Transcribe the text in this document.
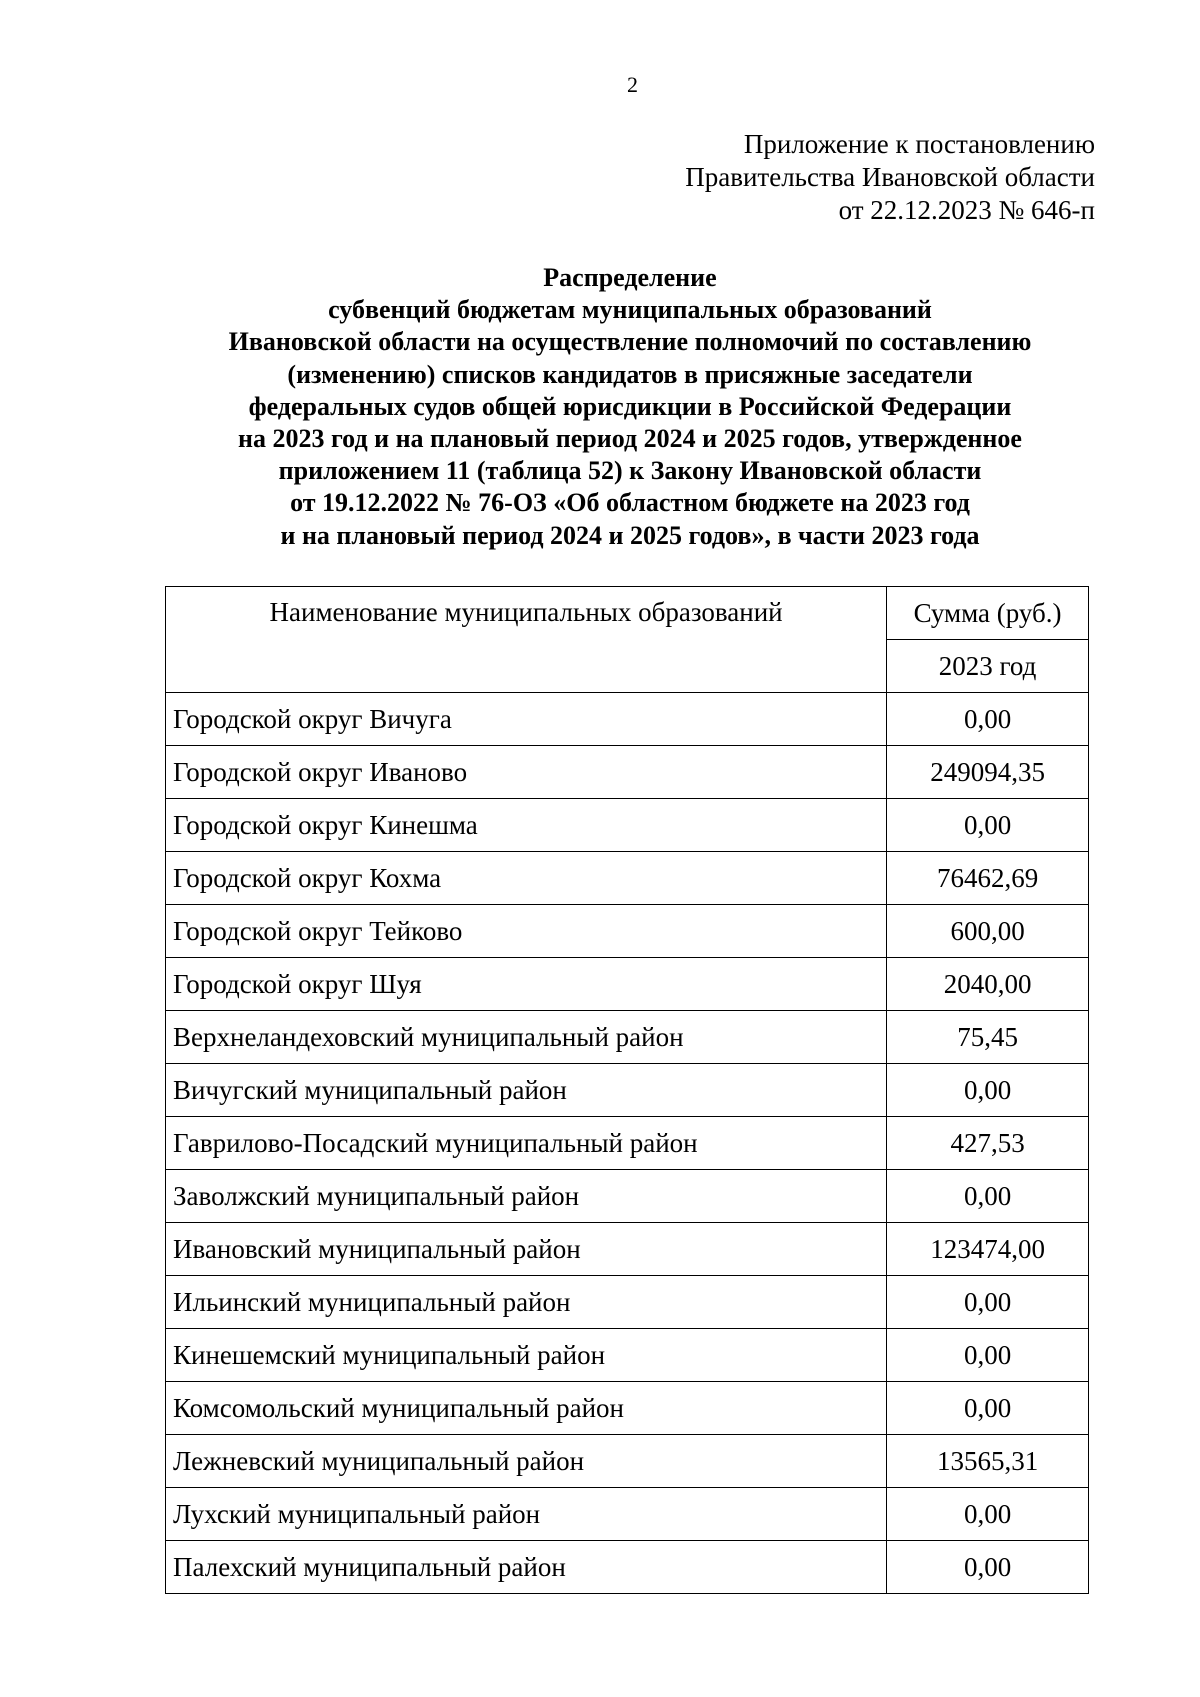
2
Приложение к постановлению
Правительства Ивановской области
от 22.12.2023 № 646-п
Распределение
субвенций бюджетам муниципальных образований
Ивановской области на осуществление полномочий по составлению
(изменению) списков кандидатов в присяжные заседатели
федеральных судов общей юрисдикции в Российской Федерации
на 2023 год и на плановый период 2024 и 2025 годов, утвержденное
приложением 11 (таблица 52) к Закону Ивановской области
от 19.12.2022 № 76-ОЗ «Об областном бюджете на 2023 год
и на плановый период 2024 и 2025 годов», в части 2023 года
Наименование муниципальных образований	Сумма (руб.)
	2023 год
Городской округ Вичуга	0,00
Городской округ Иваново	249094,35
Городской округ Кинешма	0,00
Городской округ Кохма	76462,69
Городской округ Тейково	600,00
Городской округ Шуя	2040,00
Верхнеландеховский муниципальный район	75,45
Вичугский муниципальный район	0,00
Гаврилово-Посадский муниципальный район	427,53
Заволжский муниципальный район	0,00
Ивановский муниципальный район	123474,00
Ильинский муниципальный район	0,00
Кинешемский муниципальный район	0,00
Комсомольский муниципальный район	0,00
Лежневский муниципальный район	13565,31
Лухский муниципальный район	0,00
Палехский муниципальный район	0,00
